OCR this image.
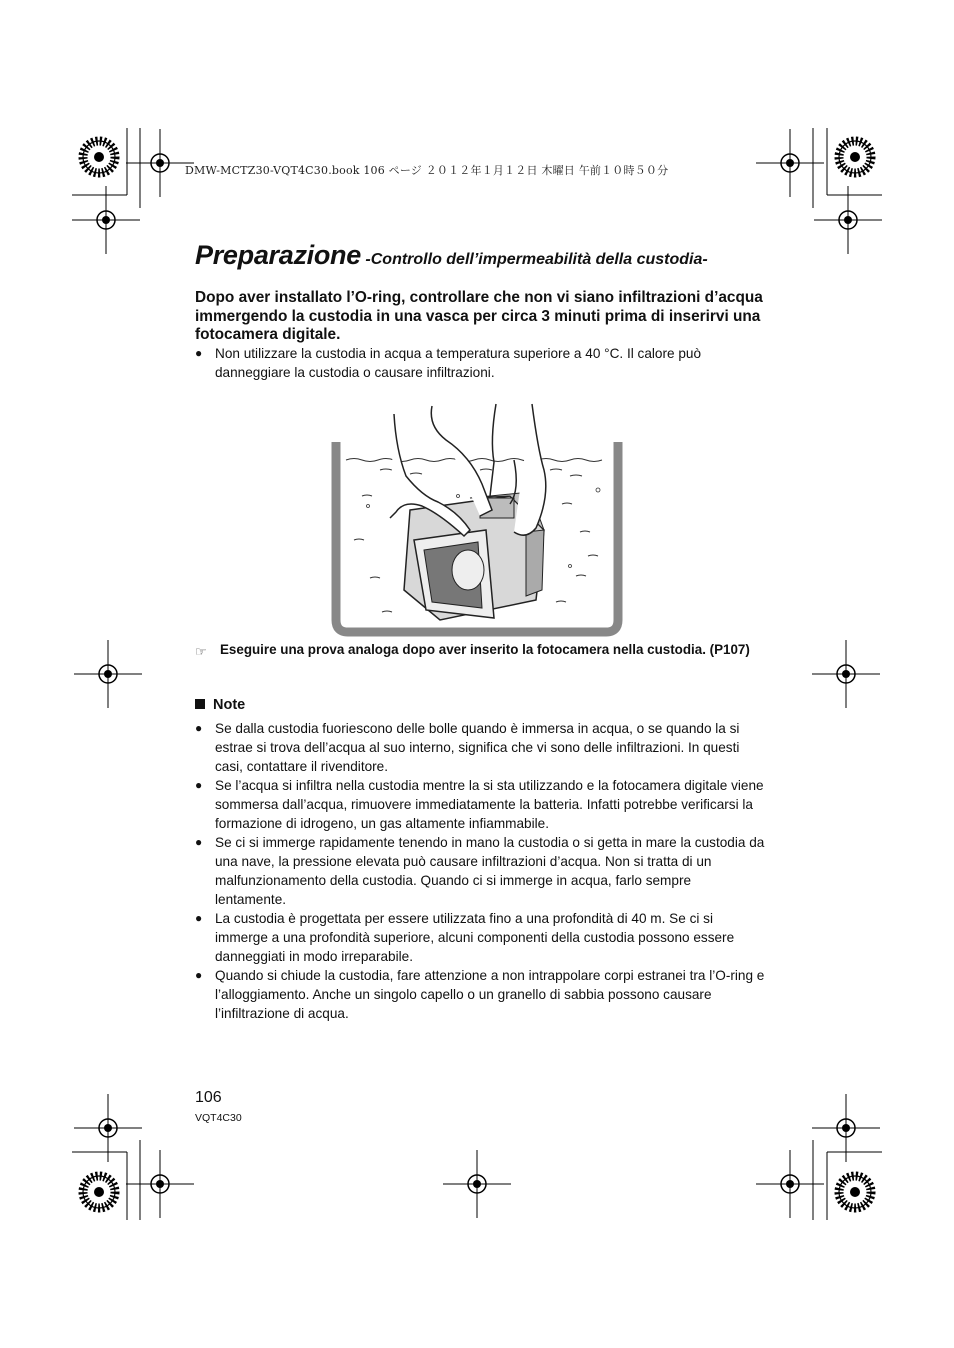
DMW-MCTZ30-VQT4C30.book 106 ページ ２０１２年１月１２日 木曜日 午前１０時５０分
Preparazione -Controllo dell’impermeabilità della custodia-
Dopo aver installato l’O-ring, controllare che non vi siano infiltrazioni d’acqua immergendo la custodia in una vasca per circa 3 minuti prima di inserirvi una fotocamera digitale.
● Non utilizzare la custodia in acqua a temperatura superiore a 40 °C. Il calore può danneggiare la custodia o causare infiltrazioni.
☞ Eseguire una prova analoga dopo aver inserito la fotocamera nella custodia. (P107)
Note
● Se dalla custodia fuoriescono delle bolle quando è immersa in acqua, o se quando la si estrae si trova dell’acqua al suo interno, significa che vi sono delle infiltrazioni. In questi casi, contattare il rivenditore.
● Se l’acqua si infiltra nella custodia mentre la si sta utilizzando e la fotocamera digitale viene sommersa dall’acqua, rimuovere immediatamente la batteria. Infatti potrebbe verificarsi la formazione di idrogeno, un gas altamente infiammabile.
● Se ci si immerge rapidamente tenendo in mano la custodia o si getta in mare la custodia da una nave, la pressione elevata può causare infiltrazioni d’acqua. Non si tratta di un malfunzionamento della custodia. Quando ci si immerge in acqua, farlo sempre lentamente.
● La custodia è progettata per essere utilizzata fino a una profondità di 40 m. Se ci si immerge a una profondità superiore, alcuni componenti della custodia possono essere danneggiati in modo irreparabile.
● Quando si chiude la custodia, fare attenzione a non intrappolare corpi estranei tra l’O-ring e l’alloggiamento. Anche un singolo capello o un granello di sabbia possono causare l’infiltrazione di acqua.
106
VQT4C30
